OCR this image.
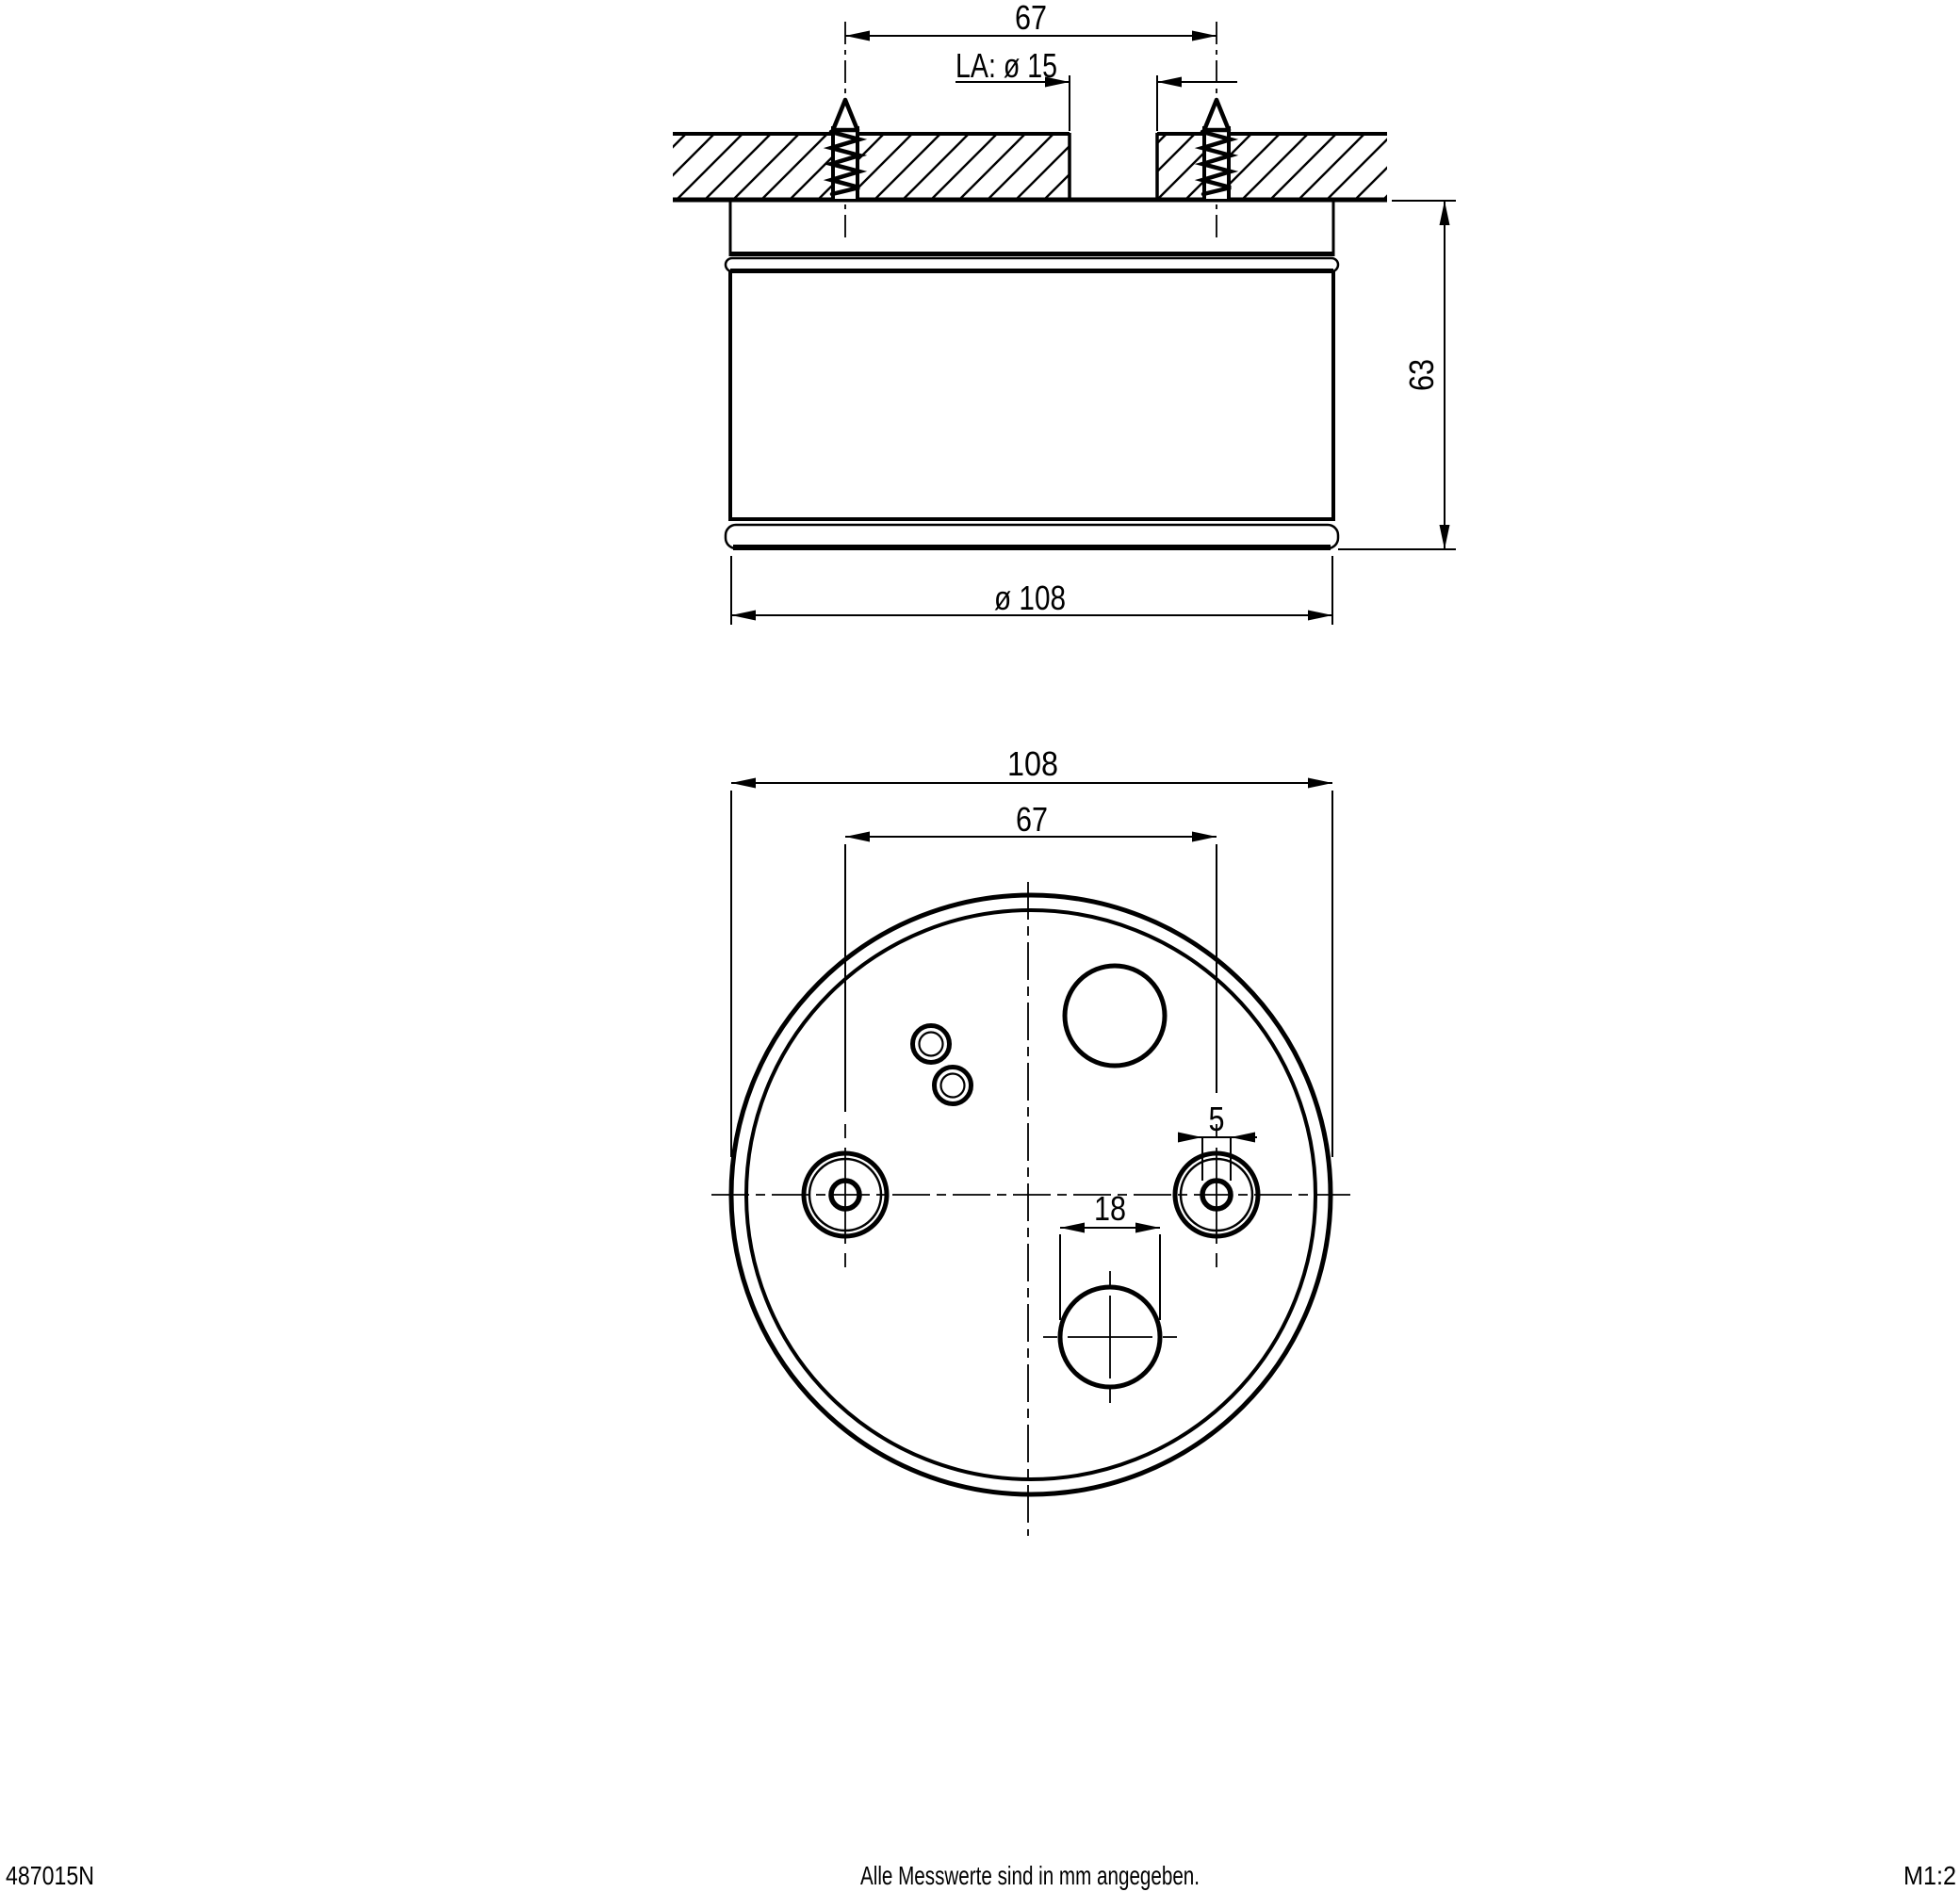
67
LA: ø 15
63
ø 108
108
67
5
18
487015N	Alle Messwerte sind in mm angegeben.	M1:2
